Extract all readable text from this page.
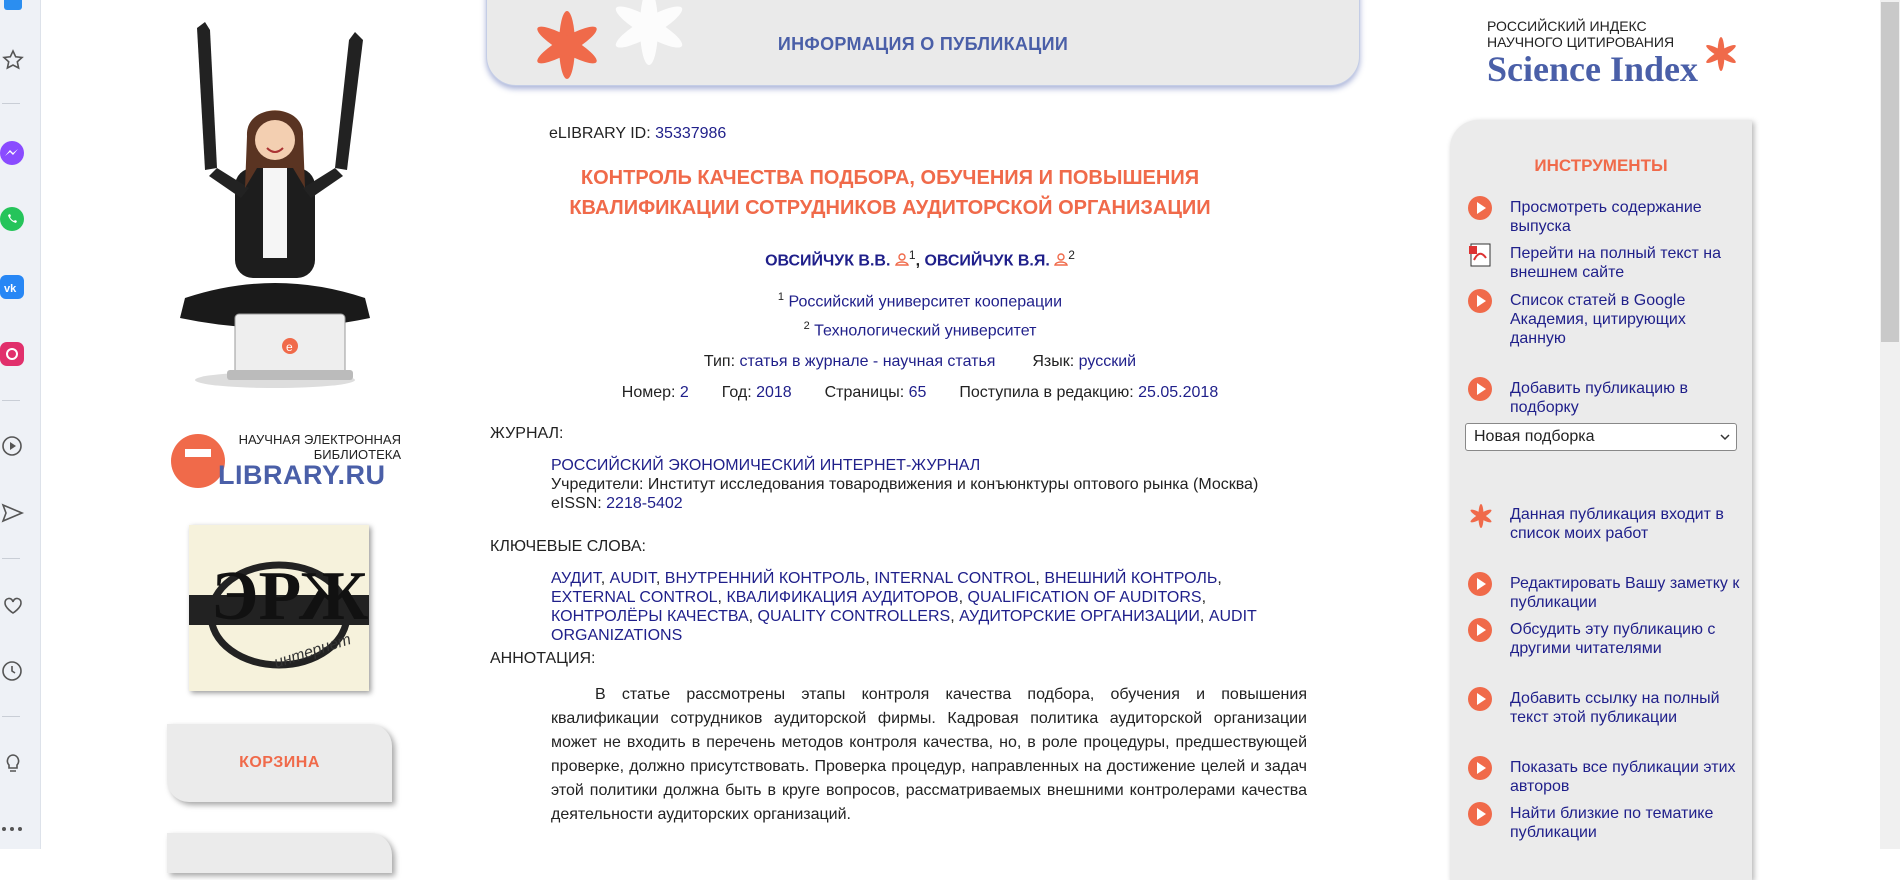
vk
e
НАУЧНАЯ ЭЛЕКТРОННАЯ
БИБЛИОТЕКА
LIBRARY.RU
ЭРЖ
интернет
КОРЗИНА
ИНФОРМАЦИЯ О ПУБЛИКАЦИИ
РОССИЙСКИЙ ИНДЕКС
НАУЧНОГО ЦИТИРОВАНИЯ
Science Index
eLIBRARY ID: 35337986
КОНТРОЛЬ КАЧЕСТВА ПОДБОРА, ОБУЧЕНИЯ И ПОВЫШЕНИЯ КВАЛИФИКАЦИИ СОТРУДНИКОВ АУДИТОРСКОЙ ОРГАНИЗАЦИИ
ОВСИЙЧУК В.В. $^1$, ОВСИЙЧУК В.Я. $^2$
$^1$ Российский университет кооперации
$^2$ Технологический университет
Тип: статья в журнале - научная статья Язык: русский
Номер: 2 Год: 2018 Страницы: 65 Поступила в редакцию: 25.05.2018
ЖУРНАЛ:
РОССИЙСКИЙ ЭКОНОМИЧЕСКИЙ ИНТЕРНЕТ-ЖУРНАЛ
Учредители: Институт исследования товародвижения и конъюнктуры оптового рынка (Москва)
eISSN: 2218-5402
КЛЮЧЕВЫЕ СЛОВА:
АУДИТ, AUDIT, ВНУТРЕННИЙ КОНТРОЛЬ, INTERNAL CONTROL, ВНЕШНИЙ КОНТРОЛЬ, EXTERNAL CONTROL, КВАЛИФИКАЦИЯ АУДИТОРОВ, QUALIFICATION OF AUDITORS, КОНТРОЛЁРЫ КАЧЕСТВА, QUALITY CONTROLLERS, АУДИТОРСКИЕ ОРГАНИЗАЦИИ, AUDIT ORGANIZATIONS
АННОТАЦИЯ:
В статье рассмотрены этапы контроля качества подбора, обучения и повышения квалификации сотрудников аудиторской фирмы. Кадровая политика аудиторской организации может не входить в перечень методов контроля качества, но, в роле процедуры, предшествующей проверке, должно присутствовать. Проверка процедур, направленных на достижение целей и задач этой политики должна быть в круге вопросов, рассматриваемых внешними контролерами качества деятельности аудиторских организаций.
ИНСТРУМЕНТЫ
Просмотреть содержание выпуска
Перейти на полный текст на внешнем сайте
Список статей в Google Академия, цитирующих данную
Добавить публикацию в подборку
Новая подборка
Данная публикация входит в список моих работ
Редактировать Вашу заметку к публикации
Обсудить эту публикацию с другими читателями
Добавить ссылку на полный текст этой публикации
Показать все публикации этих авторов
Найти близкие по тематике публикации
